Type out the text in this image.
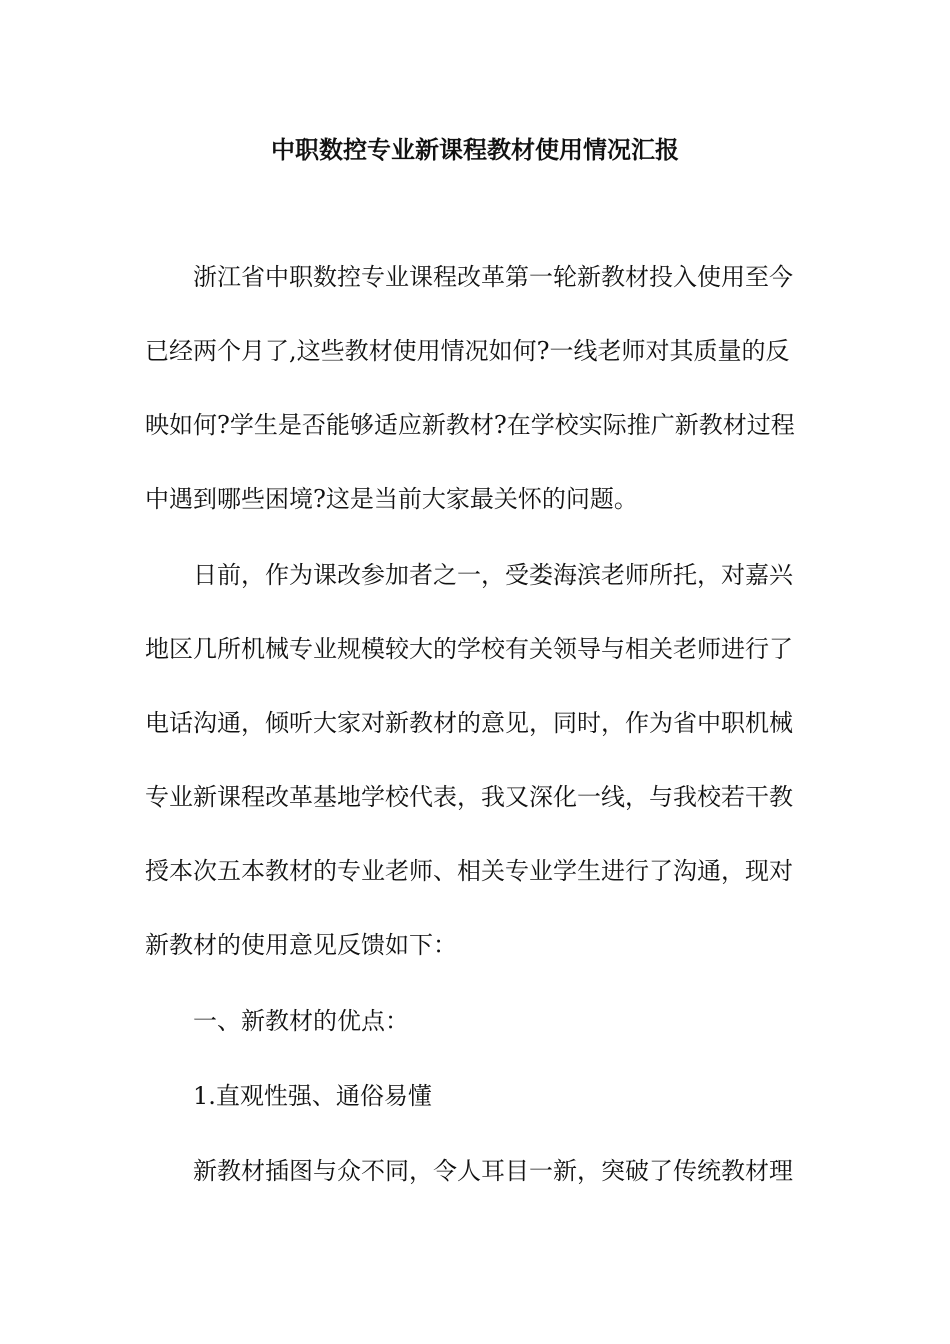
中职数控专业新课程教材使用情况汇报

浙江省中职数控专业课程改革第一轮新教材投入使用至今

已经两个月了,这些教材使用情况如何?一线老师对其质量的反

映如何?学生是否能够适应新教材?在学校实际推广新教材过程

中遇到哪些困境?这是当前大家最关怀的问题。

日前，作为课改参加者之一，受娄海滨老师所托，对嘉兴

地区几所机械专业规模较大的学校有关领导与相关老师进行了

电话沟通，倾听大家对新教材的意见，同时，作为省中职机械

专业新课程改革基地学校代表，我又深化一线，与我校若干教

授本次五本教材的专业老师、相关专业学生进行了沟通，现对

新教材的使用意见反馈如下：

一、新教材的优点：

1.直观性强、通俗易懂

新教材插图与众不同，令人耳目一新，突破了传统教材理
